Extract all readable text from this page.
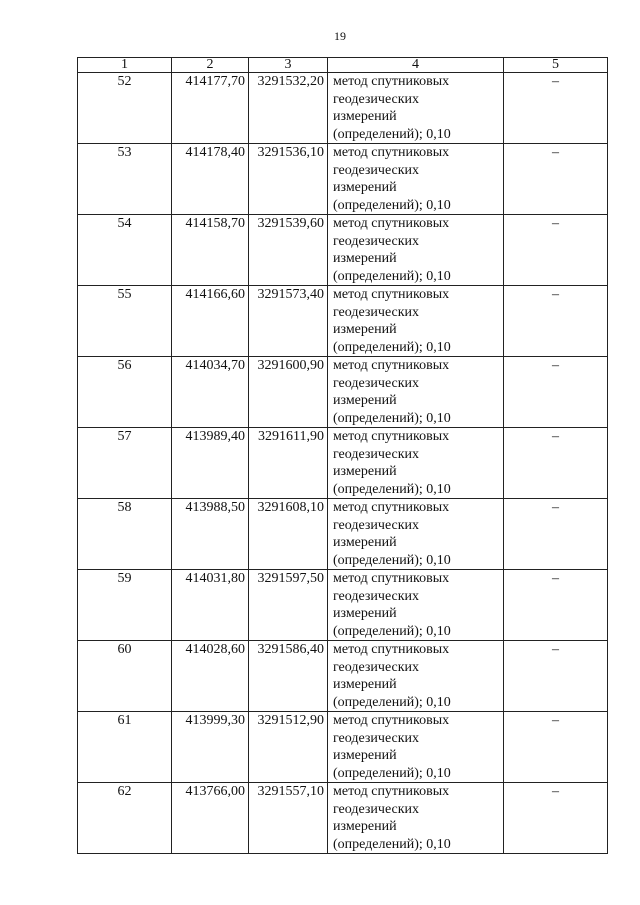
19
1	2	3	4	5
52	414177,70	3291532,20	метод спутниковых
геодезических
измерений
(определений); 0,10	–
53	414178,40	3291536,10	метод спутниковых
геодезических
измерений
(определений); 0,10	–
54	414158,70	3291539,60	метод спутниковых
геодезических
измерений
(определений); 0,10	–
55	414166,60	3291573,40	метод спутниковых
геодезических
измерений
(определений); 0,10	–
56	414034,70	3291600,90	метод спутниковых
геодезических
измерений
(определений); 0,10	–
57	413989,40	3291611,90	метод спутниковых
геодезических
измерений
(определений); 0,10	–
58	413988,50	3291608,10	метод спутниковых
геодезических
измерений
(определений); 0,10	–
59	414031,80	3291597,50	метод спутниковых
геодезических
измерений
(определений); 0,10	–
60	414028,60	3291586,40	метод спутниковых
геодезических
измерений
(определений); 0,10	–
61	413999,30	3291512,90	метод спутниковых
геодезических
измерений
(определений); 0,10	–
62	413766,00	3291557,10	метод спутниковых
геодезических
измерений
(определений); 0,10	–
